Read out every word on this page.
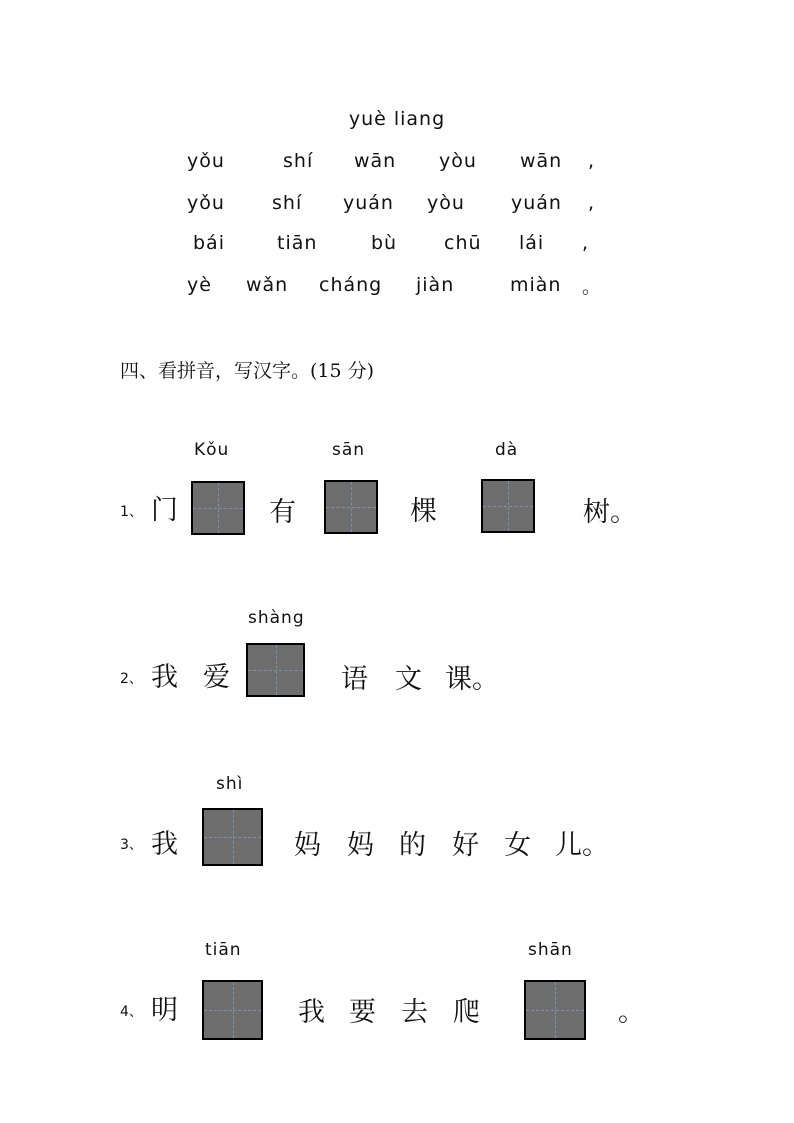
yuè liang
yǒu	shí wān yòu wān ,
yǒu shí yuán yòu yuán ,
bái	tiān	bù chū lái ,
yè wǎn cháng jiàn	miàn 。
四、看拼音，写汉字。(15 分)
Kǒu	sān	dà
1、 门	有	棵	树。
shàng
2、 我 爱	语 文 课。
shì
3、 我	妈 妈 的 好 女 儿。
tiān	shān
4、 明	我 要 去 爬	。
